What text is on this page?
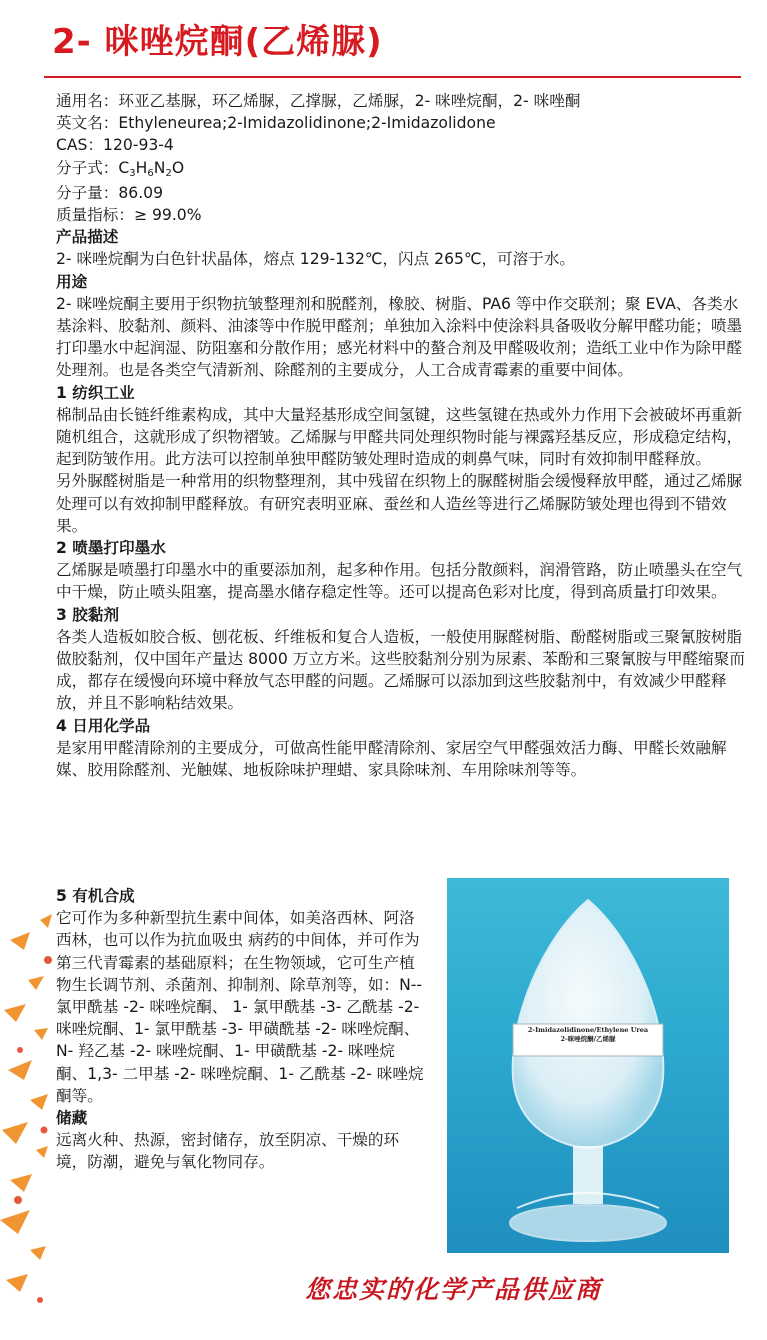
2- 咪唑烷酮(乙烯脲)

通用名：环亚乙基脲，环乙烯脲，乙撑脲，乙烯脲，2- 咪唑烷酮，2- 咪唑酮

英文名：Ethyleneurea;2-Imidazolidinone;2-Imidazolidone

CAS：120-93-4

分子式：C3H6N2O

分子量：86.09

质量指标：≥ 99.0%

产品描述

2- 咪唑烷酮为白色针状晶体，熔点 129-132℃，闪点 265℃，可溶于水。

用途

2- 咪唑烷酮主要用于织物抗皱整理剂和脱醛剂，橡胶、树脂、PA6 等中作交联剂；聚 EVA、各类水基涂料、胶黏剂、颜料、油漆等中作脱甲醛剂；单独加入涂料中使涂料具备吸收分解甲醛功能；喷墨打印墨水中起润湿、防阻塞和分散作用；感光材料中的螯合剂及甲醛吸收剂；造纸工业中作为除甲醛处理剂。也是各类空气清新剂、除醛剂的主要成分，人工合成青霉素的重要中间体。

1 纺织工业

棉制品由长链纤维素构成，其中大量羟基形成空间氢键，这些氢键在热或外力作用下会被破坏再重新随机组合，这就形成了织物褶皱。乙烯脲与甲醛共同处理织物时能与裸露羟基反应，形成稳定结构，起到防皱作用。此方法可以控制单独甲醛防皱处理时造成的刺鼻气味，同时有效抑制甲醛释放。

另外脲醛树脂是一种常用的织物整理剂，其中残留在织物上的脲醛树脂会缓慢释放甲醛，通过乙烯脲处理可以有效抑制甲醛释放。有研究表明亚麻、蚕丝和人造丝等进行乙烯脲防皱处理也得到不错效果。

2 喷墨打印墨水

乙烯脲是喷墨打印墨水中的重要添加剂，起多种作用。包括分散颜料，润滑管路，防止喷墨头在空气中干燥，防止喷头阻塞，提高墨水储存稳定性等。还可以提高色彩对比度，得到高质量打印效果。

3 胶黏剂

各类人造板如胶合板、刨花板、纤维板和复合人造板，一般使用脲醛树脂、酚醛树脂或三聚氰胺树脂做胶黏剂，仅中国年产量达 8000 万立方米。这些胶黏剂分别为尿素、苯酚和三聚氰胺与甲醛缩聚而成，都存在缓慢向环境中释放气态甲醛的问题。乙烯脲可以添加到这些胶黏剂中，有效减少甲醛释放，并且不影响粘结效果。

4 日用化学品

是家用甲醛清除剂的主要成分，可做高性能甲醛清除剂、家居空气甲醛强效活力酶、甲醛长效融解媒、胶用除醛剂、光触媒、地板除味护理蜡、家具除味剂、车用除味剂等等。

5 有机合成

它可作为多种新型抗生素中间体，如美洛西林、阿洛西林，也可以作为抗血吸虫 病药的中间体，并可作为第三代青霉素的基础原料；在生物领域，它可生产植物生长调节剂、杀菌剂、抑制剂、除草剂等，如：N-- 氯甲酰基 -2- 咪唑烷酮、 1- 氯甲酰基 -3- 乙酰基 -2- 咪唑烷酮、1- 氯甲酰基 -3- 甲磺酰基 -2- 咪唑烷酮、N- 羟乙基 -2- 咪唑烷酮、1- 甲磺酰基 -2- 咪唑烷酮、1,3- 二甲基 -2- 咪唑烷酮、1- 乙酰基 -2- 咪唑烷酮等。

储藏

远离火种、热源，密封储存，放至阴凉、干燥的环境，防潮，避免与氧化物同存。

2-Imidazolidinone/Ethylene Urea
2-咪唑烷酮/乙烯脲
您忠实的化学产品供应商
